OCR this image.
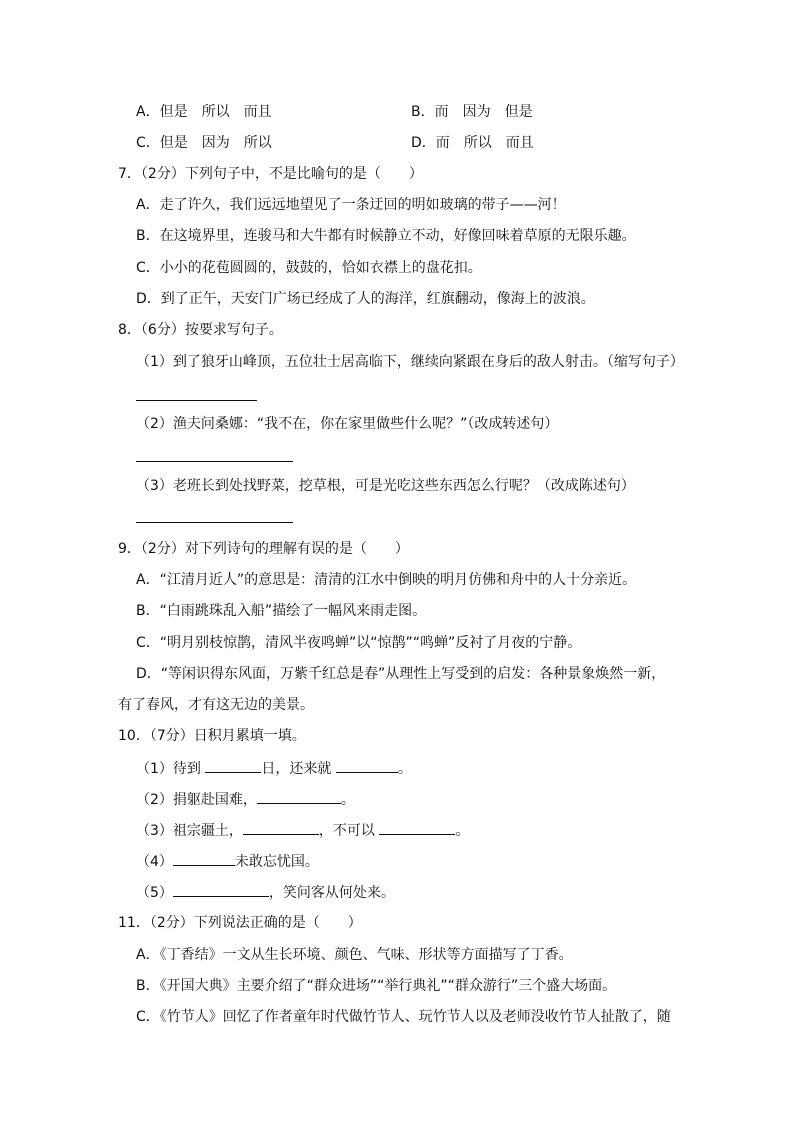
A．但是　所以　而且	B．而　因为　但是
C．但是　因为　所以	D．而　所以　而且
7．（2分）下列句子中，不是比喻句的是（　　）
A．走了许久，我们远远地望见了一条迂回的明如玻璃的带子——河！
B．在这境界里，连骏马和大牛都有时候静立不动，好像回味着草原的无限乐趣。
C．小小的花苞圆圆的，鼓鼓的，恰如衣襟上的盘花扣。
D．到了正午，天安门广场已经成了人的海洋，红旗翻动，像海上的波浪。
8．（6分）按要求写句子。
（1）到了狼牙山峰顶，五位壮士居高临下，继续向紧跟在身后的敌人射击。（缩写句子）
（2）渔夫问桑娜：“我不在，你在家里做些什么呢？”（改成转述句）
（3）老班长到处找野菜，挖草根，可是光吃这些东西怎么行呢？（改成陈述句）
9．（2分）对下列诗句的理解有误的是（　　）
A．“江清月近人”的意思是：清清的江水中倒映的明月仿佛和舟中的人十分亲近。
B．“白雨跳珠乱入船”描绘了一幅风来雨走图。
C．“明月别枝惊鹊，清风半夜鸣蝉”以“惊鹊”“鸣蝉”反衬了月夜的宁静。
D．“等闲识得东风面，万紫千红总是春”从理性上写受到的启发：各种景象焕然一新，
有了春风，才有这无边的美景。
10．（7分）日积月累填一填。
（1）待到	日，还来就	。
（2）捐躯赴国难，	。
（3）祖宗疆土，	，不可以	。
（4）	未敢忘忧国。
（5）	，笑问客从何处来。
11．（2分）下列说法正确的是（　　）
A．《丁香结》一文从生长环境、颜色、气味、形状等方面描写了丁香。
B．《开国大典》主要介绍了“群众进场”“举行典礼”“群众游行”三个盛大场面。
C．《竹节人》回忆了作者童年时代做竹节人、玩竹节人以及老师没收竹节人扯散了，随
